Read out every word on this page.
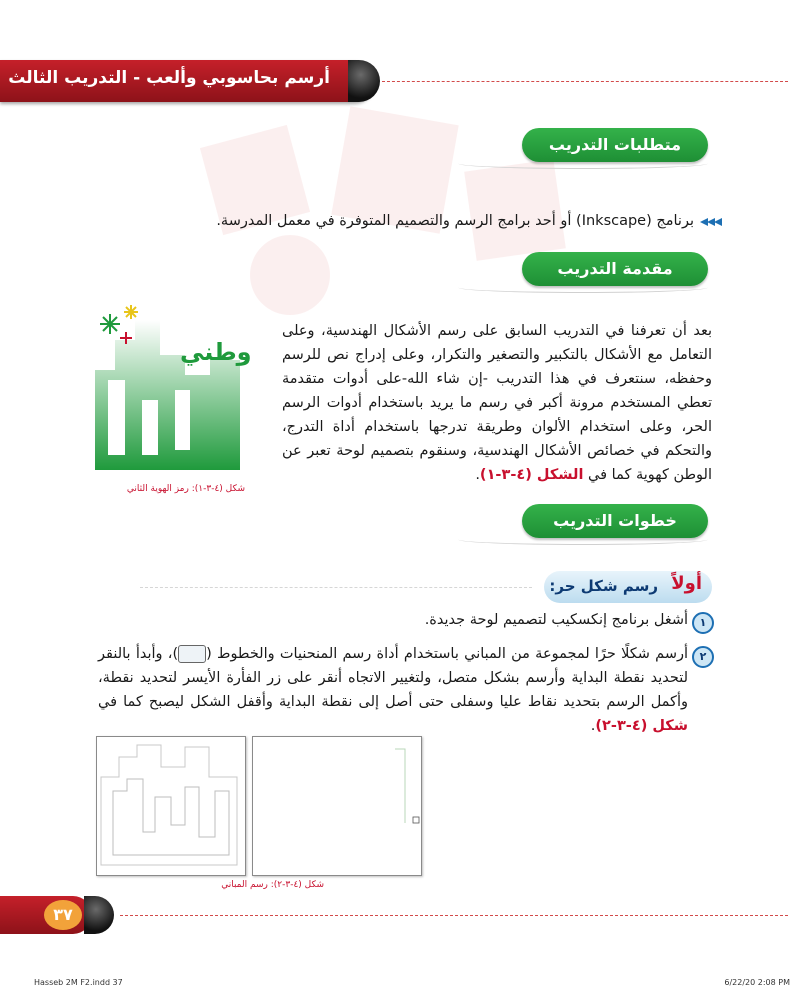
أرسم بحاسوبي وألعب - التدريب الثالث
متطلبات التدريب
برنامج (Inkscape) أو أحد برامج الرسم والتصميم المتوفرة في معمل المدرسة.
مقدمة التدريب
بعد أن تعرفنا في التدريب السابق على رسم الأشكال الهندسية، وعلى التعامل مع الأشكال بالتكبير والتصغير والتكرار، وعلى إدراج نص للرسم وحفظه، سنتعرف في هذا التدريب -إن شاء الله-على أدوات متقدمة تعطي المستخدم مرونة أكبر في رسم ما يريد باستخدام أدوات الرسم الحر، وعلى استخدام الألوان وطريقة تدرجها باستخدام أداة التدرج، والتحكم في خصائص الأشكال الهندسية، وسنقوم بتصميم لوحة تعبر عن الوطن كهوية كما في الشكل (٤-٣-١).
وطني
شكل (٤-٣-١): رمز الهوية الثاني
خطوات التدريب
أولاً
رسم شكل حر:
١
أشغل برنامج إنكسكيب لتصميم لوحة جديدة.
٢
أرسم شكلًا حرًا لمجموعة من المباني باستخدام أداة رسم المنحنيات والخطوط ()، وأبدأ بالنقر لتحديد نقطة البداية وأرسم بشكل متصل، ولتغيير الاتجاه أنقر على زر الفأرة الأيسر لتحديد نقطة، وأكمل الرسم بتحديد نقاط عليا وسفلى حتى أصل إلى نقطة البداية وأقفل الشكل ليصبح كما في شكل (٤-٣-٢).
شكل (٤-٣-٢): رسم المباني
٣٧
Hasseb 2M F2.indd 37	6/22/20 2:08 PM
